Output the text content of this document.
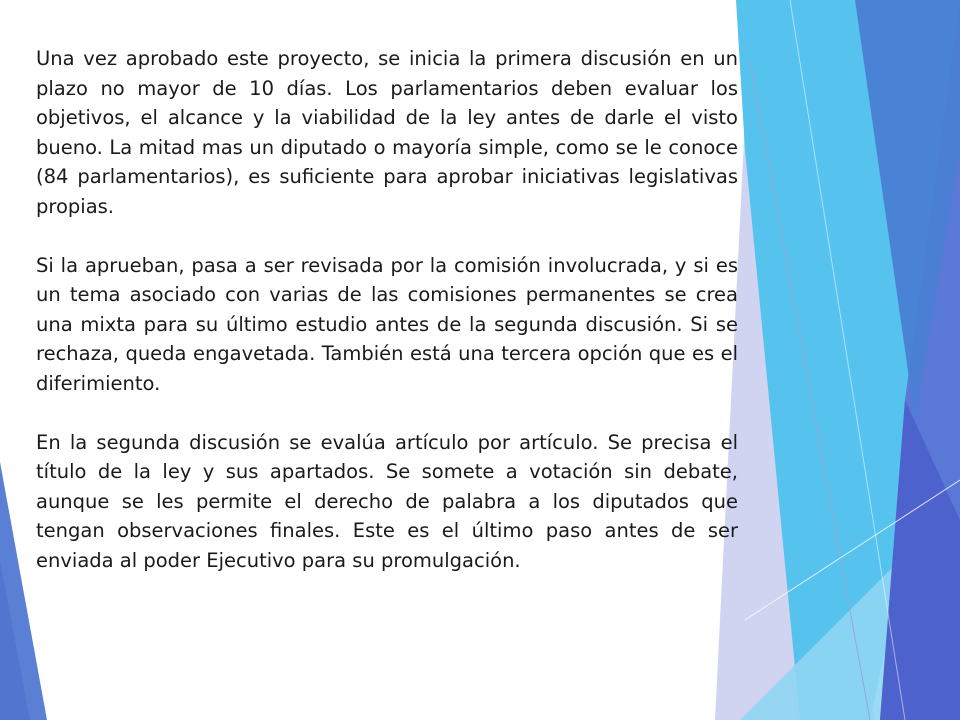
Una vez aprobado este proyecto, se inicia la primera discusión en un plazo no mayor de 10 días. Los parlamentarios deben evaluar los objetivos, el alcance y la viabilidad de la ley antes de darle el visto bueno. La mitad mas un diputado o mayoría simple, como se le conoce (84 parlamentarios), es suficiente para aprobar iniciativas legislativas propias.

Si la aprueban, pasa a ser revisada por la comisión involucrada, y si es un tema asociado con varias de las comisiones permanentes se crea una mixta para su último estudio antes de la segunda discusión. Si se rechaza, queda engavetada. También está una tercera opción que es el diferimiento.

En la segunda discusión se evalúa artículo por artículo. Se precisa el título de la ley y sus apartados. Se somete a votación sin debate, aunque se les permite el derecho de palabra a los diputados que tengan observaciones finales. Este es el último paso antes de ser enviada al poder Ejecutivo para su promulgación.
